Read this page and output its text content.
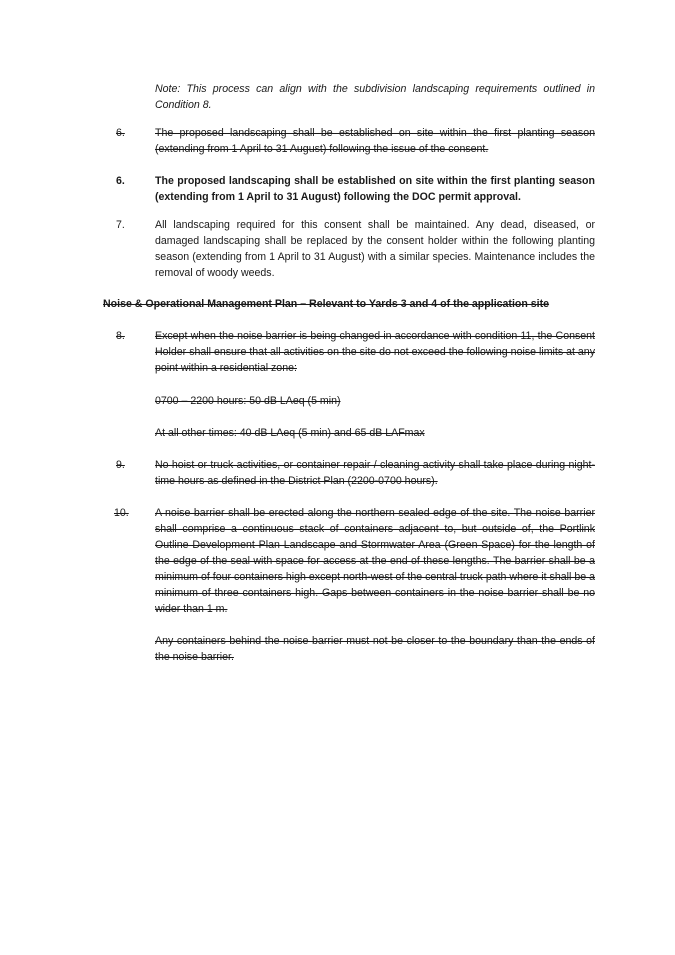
Note: This process can align with the subdivision landscaping requirements outlined in Condition 8.
6.	The proposed landscaping shall be established on site within the first planting season (extending from 1 April to 31 August) following the issue of the consent.
6.	The proposed landscaping shall be established on site within the first planting season (extending from 1 April to 31 August) following the DOC permit approval.
7.	All landscaping required for this consent shall be maintained. Any dead, diseased, or damaged landscaping shall be replaced by the consent holder within the following planting season (extending from 1 April to 31 August) with a similar species. Maintenance includes the removal of woody weeds.
Noise & Operational Management Plan – Relevant to Yards 3 and 4 of the application site
8.	Except when the noise barrier is being changed in accordance with condition 11, the Consent Holder shall ensure that all activities on the site do not exceed the following noise limits at any point within a residential zone:
0700 – 2200 hours: 50 dB LAeq (5 min)
At all other times: 40 dB LAeq (5 min) and 65 dB LAFmax
9.	No hoist or truck activities, or container repair / cleaning activity shall take place during night-time hours as defined in the District Plan (2200-0700 hours).
10. A noise barrier shall be erected along the northern sealed edge of the site. The noise barrier shall comprise a continuous stack of containers adjacent to, but outside of, the Portlink Outline Development Plan Landscape and Stormwater Area (Green Space) for the length of the edge of the seal with space for access at the end of these lengths. The barrier shall be a minimum of four containers high except north-west of the central truck path where it shall be a minimum of three containers high. Gaps between containers in the noise barrier shall be no wider than 1 m.
Any containers behind the noise barrier must not be closer to the boundary than the ends of the noise barrier.
